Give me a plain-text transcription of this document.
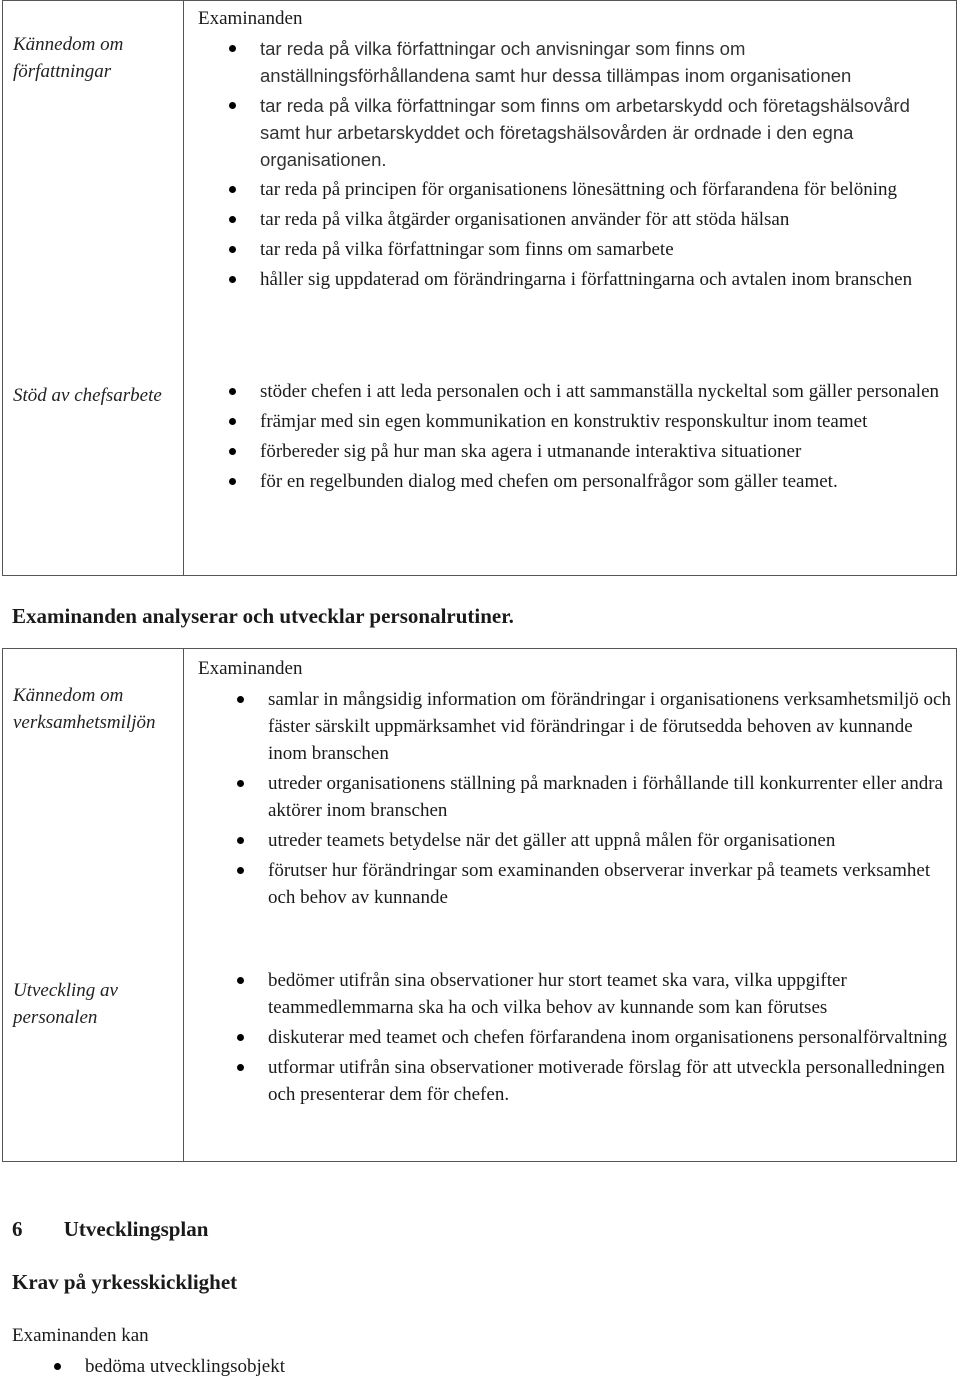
Kännedom om författningar
Examinanden
tar reda på vilka författningar och anvisningar som finns om anställningsförhållandena samt hur dessa tillämpas inom organisationen
tar reda på vilka författningar som finns om arbetarskydd och företagshälsovård samt hur arbetarskyddet och företagshälsovården är ordnade i den egna organisationen.
tar reda på principen för organisationens lönesättning och förfarandena för belöning
tar reda på vilka åtgärder organisationen använder för att stöda hälsan
tar reda på vilka författningar som finns om samarbete
håller sig uppdaterad om förändringarna i författningarna och avtalen inom branschen
Stöd av chefsarbete	stöder chefen i att leda personalen och i att sammanställa nyckeltal som gäller personalen
främjar med sin egen kommunikation en konstruktiv responskultur inom teamet
förbereder sig på hur man ska agera i utmanande interaktiva situationer
för en regelbunden dialog med chefen om personalfrågor som gäller teamet.
Examinanden analyserar och utvecklar personalrutiner.
Kännedom om verksamhetsmiljön
Examinanden
samlar in mångsidig information om förändringar i organisationens verksamhetsmiljö och fäster särskilt uppmärksamhet vid förändringar i de förutsedda behoven av kunnande inom branschen
utreder organisationens ställning på marknaden i förhållande till konkurrenter eller andra aktörer inom branschen
utreder teamets betydelse när det gäller att uppnå målen för organisationen
förutser hur förändringar som examinanden observerar inverkar på teamets verksamhet och behov av kunnande
Utveckling av personalen
bedömer utifrån sina observationer hur stort teamet ska vara, vilka uppgifter teammedlemmarna ska ha och vilka behov av kunnande som kan förutses
diskuterar med teamet och chefen förfarandena inom organisationens personalförvaltning
utformar utifrån sina observationer motiverade förslag för att utveckla personalledningen och presenterar dem för chefen.
6 Utvecklingsplan
Krav på yrkesskicklighet
Examinanden kan
bedöma utvecklingsobjekt
